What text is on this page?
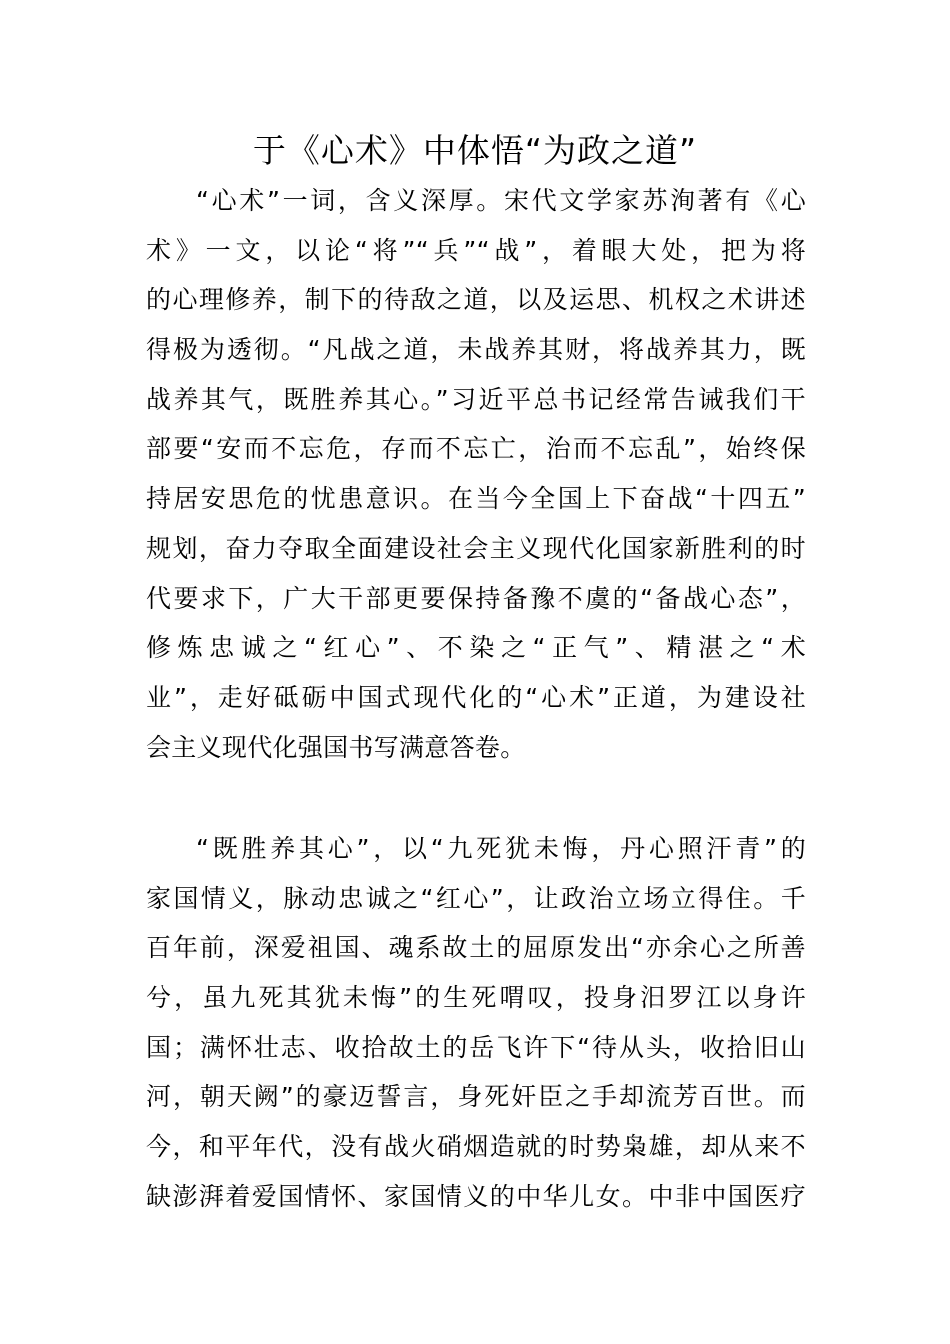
于《心术》中体悟“为政之道”
“心术”一词，含义深厚。宋代文学家苏洵著有《心
术》一文，以论“将”“兵”“战”，着眼大处，把为将
的心理修养，制下的待敌之道，以及运思、机权之术讲述
得极为透彻。“凡战之道，未战养其财，将战养其力，既
战养其气，既胜养其心。”习近平总书记经常告诫我们干
部要“安而不忘危，存而不忘亡，治而不忘乱”，始终保
持居安思危的忧患意识。在当今全国上下奋战“十四五”
规划，奋力夺取全面建设社会主义现代化国家新胜利的时
代要求下，广大干部更要保持备豫不虞的“备战心态”，
修炼忠诚之“红心”、不染之“正气”、精湛之“术
业”，走好砥砺中国式现代化的“心术”正道，为建设社
会主义现代化强国书写满意答卷。
“既胜养其心”，以“九死犹未悔，丹心照汗青”的
家国情义，脉动忠诚之“红心”，让政治立场立得住。千
百年前，深爱祖国、魂系故土的屈原发出“亦余心之所善
兮，虽九死其犹未悔”的生死喟叹，投身汨罗江以身许
国；满怀壮志、收拾故土的岳飞许下“待从头，收拾旧山
河，朝天阙”的豪迈誓言，身死奸臣之手却流芳百世。而
今，和平年代，没有战火硝烟造就的时势枭雄，却从来不
缺澎湃着爱国情怀、家国情义的中华儿女。中非中国医疗
